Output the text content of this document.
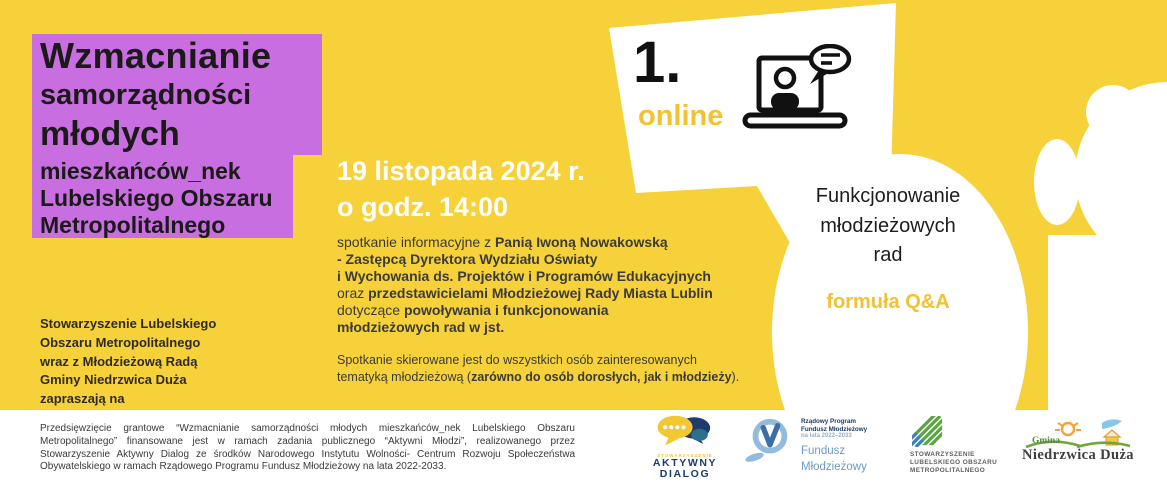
Wzmacnianie
samorządności
młodych
mieszkańców_nek
Lubelskiego Obszaru
Metropolitalnego
Stowarzyszenie Lubelskiego
Obszaru Metropolitalnego
wraz z Młodzieżową Radą
Gminy Niedrzwica Duża
zapraszają na
19 listopada 2024 r.
o godz. 14:00
spotkanie informacyjne z Panią Iwoną Nowakowską
- Zastępcą Dyrektora Wydziału Oświaty
i Wychowania ds. Projektów i Programów Edukacyjnych
oraz przedstawicielami Młodzieżowej Rady Miasta Lublin
dotyczące powoływania i funkcjonowania
młodzieżowych rad w jst.
Spotkanie skierowane jest do wszystkich osób zainteresowanych
tematyką młodzieżową (zarówno do osób dorosłych, jak i młodzieży).
1.
online
Funkcjonowanie
młodzieżowych
rad
formuła Q&A

Przedsięwzięcie grantowe “Wzmacnianie samorządności młodych mieszkańców_nek Lubelskiego Obszaru Metropolitalnego” finansowane jest w ramach zadania publicznego “Aktywni Młodzi”, realizowanego przez Stowarzyszenie Aktywny Dialog ze środków Narodowego Instytutu Wolności- Centrum Rozwoju Społeczeństwa Obywatelskiego w ramach Rządowego Programu Fundusz Młodzieżowy na lata 2022-2033.

STOWARZYSZENIE
AKTYWNY
DIALOG
Rządowy Program
Fundusz Młodzieżowy
na lata 2022–2033
Fundusz
Młodzieżowy
STOWARZYSZENIE
LUBELSKIEGO OBSZARU
METROPOLITALNEGO
Gmina
Niedrzwica Duża
